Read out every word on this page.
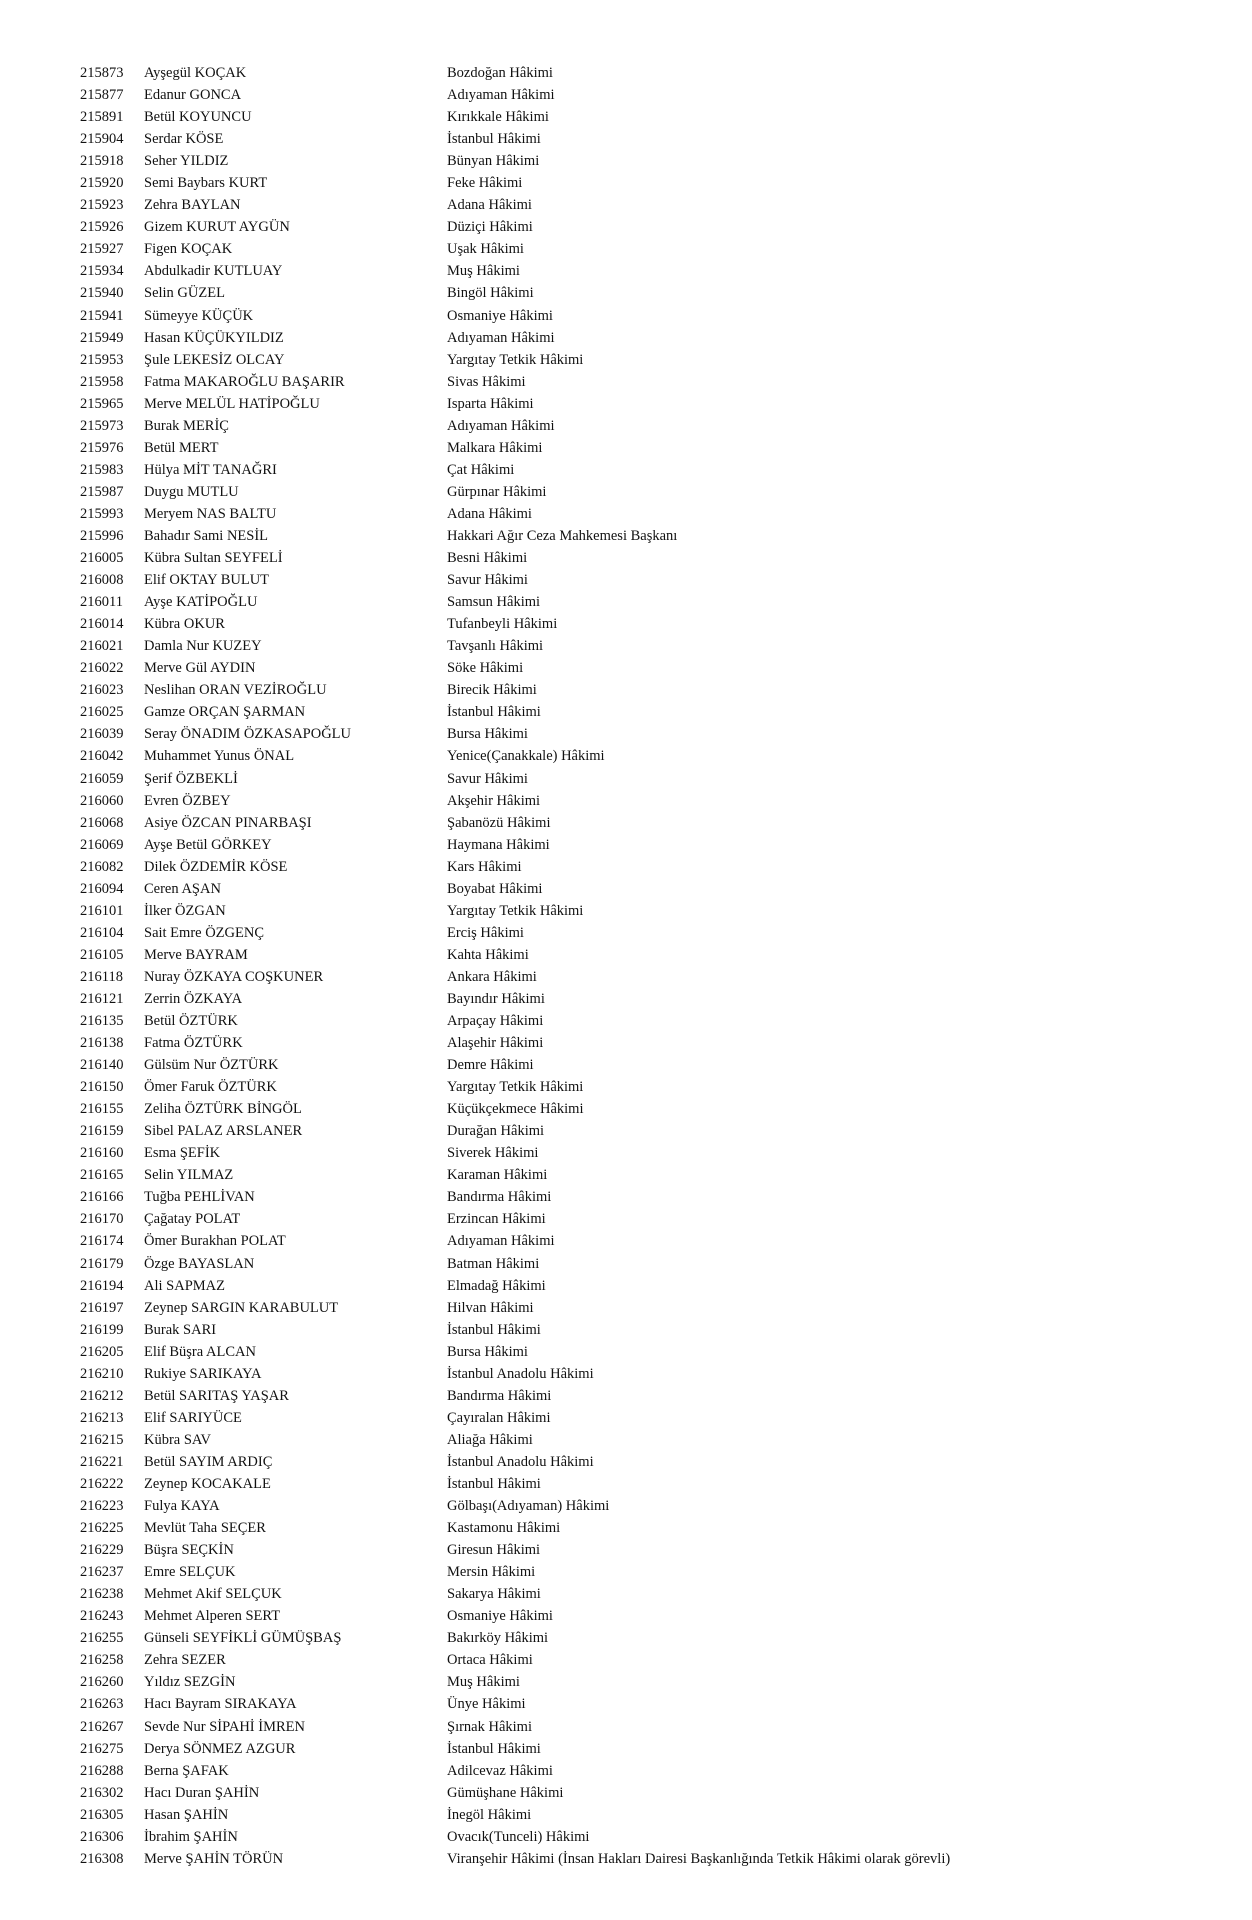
215873	Ayşegül KOÇAK	Bozdoğan Hâkimi
215877	Edanur GONCA	Adıyaman Hâkimi
215891	Betül KOYUNCU	Kırıkkale Hâkimi
215904	Serdar KÖSE	İstanbul Hâkimi
215918	Seher YILDIZ	Bünyan Hâkimi
215920	Semi Baybars KURT	Feke Hâkimi
215923	Zehra BAYLAN	Adana Hâkimi
215926	Gizem KURUT AYGÜN	Düziçi Hâkimi
215927	Figen KOÇAK	Uşak Hâkimi
215934	Abdulkadir KUTLUAY	Muş Hâkimi
215940	Selin GÜZEL	Bingöl Hâkimi
215941	Sümeyye KÜÇÜK	Osmaniye Hâkimi
215949	Hasan KÜÇÜKYILDIZ	Adıyaman Hâkimi
215953	Şule LEKESİZ OLCAY	Yargıtay Tetkik Hâkimi
215958	Fatma MAKAROĞLU BAŞARIR	Sivas Hâkimi
215965	Merve MELÜL HATİPOĞLU	Isparta Hâkimi
215973	Burak MERİÇ	Adıyaman Hâkimi
215976	Betül MERT	Malkara Hâkimi
215983	Hülya MİT TANAĞRI	Çat Hâkimi
215987	Duygu MUTLU	Gürpınar Hâkimi
215993	Meryem NAS BALTU	Adana Hâkimi
215996	Bahadır Sami NESİL	Hakkari Ağır Ceza Mahkemesi Başkanı
216005	Kübra Sultan SEYFELİ	Besni Hâkimi
216008	Elif OKTAY BULUT	Savur Hâkimi
216011	Ayşe KATİPOĞLU	Samsun Hâkimi
216014	Kübra OKUR	Tufanbeyli Hâkimi
216021	Damla Nur KUZEY	Tavşanlı Hâkimi
216022	Merve Gül AYDIN	Söke Hâkimi
216023	Neslihan ORAN VEZİROĞLU	Birecik Hâkimi
216025	Gamze ORÇAN ŞARMAN	İstanbul Hâkimi
216039	Seray ÖNADIM ÖZKASAPOĞLU	Bursa Hâkimi
216042	Muhammet Yunus ÖNAL	Yenice(Çanakkale) Hâkimi
216059	Şerif ÖZBEKLİ	Savur Hâkimi
216060	Evren ÖZBEY	Akşehir Hâkimi
216068	Asiye ÖZCAN PINARBAŞI	Şabanözü Hâkimi
216069	Ayşe Betül GÖRKEY	Haymana Hâkimi
216082	Dilek ÖZDEMİR KÖSE	Kars Hâkimi
216094	Ceren AŞAN	Boyabat Hâkimi
216101	İlker ÖZGAN	Yargıtay Tetkik Hâkimi
216104	Sait Emre ÖZGENÇ	Erciş Hâkimi
216105	Merve BAYRAM	Kahta Hâkimi
216118	Nuray ÖZKAYA COŞKUNER	Ankara Hâkimi
216121	Zerrin ÖZKAYA	Bayındır Hâkimi
216135	Betül ÖZTÜRK	Arpaçay Hâkimi
216138	Fatma ÖZTÜRK	Alaşehir Hâkimi
216140	Gülsüm Nur ÖZTÜRK	Demre Hâkimi
216150	Ömer Faruk ÖZTÜRK	Yargıtay Tetkik Hâkimi
216155	Zeliha ÖZTÜRK BİNGÖL	Küçükçekmece Hâkimi
216159	Sibel PALAZ ARSLANER	Durağan Hâkimi
216160	Esma ŞEFİK	Siverek Hâkimi
216165	Selin YILMAZ	Karaman Hâkimi
216166	Tuğba PEHLİVAN	Bandırma Hâkimi
216170	Çağatay POLAT	Erzincan Hâkimi
216174	Ömer Burakhan POLAT	Adıyaman Hâkimi
216179	Özge BAYASLAN	Batman Hâkimi
216194	Ali SAPMAZ	Elmadağ Hâkimi
216197	Zeynep SARGIN KARABULUT	Hilvan Hâkimi
216199	Burak SARI	İstanbul Hâkimi
216205	Elif Büşra ALCAN	Bursa Hâkimi
216210	Rukiye SARIKAYA	İstanbul Anadolu Hâkimi
216212	Betül SARITAŞ YAŞAR	Bandırma Hâkimi
216213	Elif SARIYÜCE	Çayıralan Hâkimi
216215	Kübra SAV	Aliağa Hâkimi
216221	Betül SAYIM ARDIÇ	İstanbul Anadolu Hâkimi
216222	Zeynep KOCAKALE	İstanbul Hâkimi
216223	Fulya KAYA	Gölbaşı(Adıyaman) Hâkimi
216225	Mevlüt Taha SEÇER	Kastamonu Hâkimi
216229	Büşra SEÇKİN	Giresun Hâkimi
216237	Emre SELÇUK	Mersin Hâkimi
216238	Mehmet Akif SELÇUK	Sakarya Hâkimi
216243	Mehmet Alperen SERT	Osmaniye Hâkimi
216255	Günseli SEYFİKLİ GÜMÜŞBAŞ	Bakırköy Hâkimi
216258	Zehra SEZER	Ortaca Hâkimi
216260	Yıldız SEZGİN	Muş Hâkimi
216263	Hacı Bayram SIRAKAYA	Ünye Hâkimi
216267	Sevde Nur SİPAHİ İMREN	Şırnak Hâkimi
216275	Derya SÖNMEZ AZGUR	İstanbul Hâkimi
216288	Berna ŞAFAK	Adilcevaz Hâkimi
216302	Hacı Duran ŞAHİN	Gümüşhane Hâkimi
216305	Hasan ŞAHİN	İnegöl Hâkimi
216306	İbrahim ŞAHİN	Ovacık(Tunceli) Hâkimi
216308	Merve ŞAHİN TÖRÜN	Viranşehir Hâkimi (İnsan Hakları Dairesi Başkanlığında Tetkik Hâkimi olarak görevli)
